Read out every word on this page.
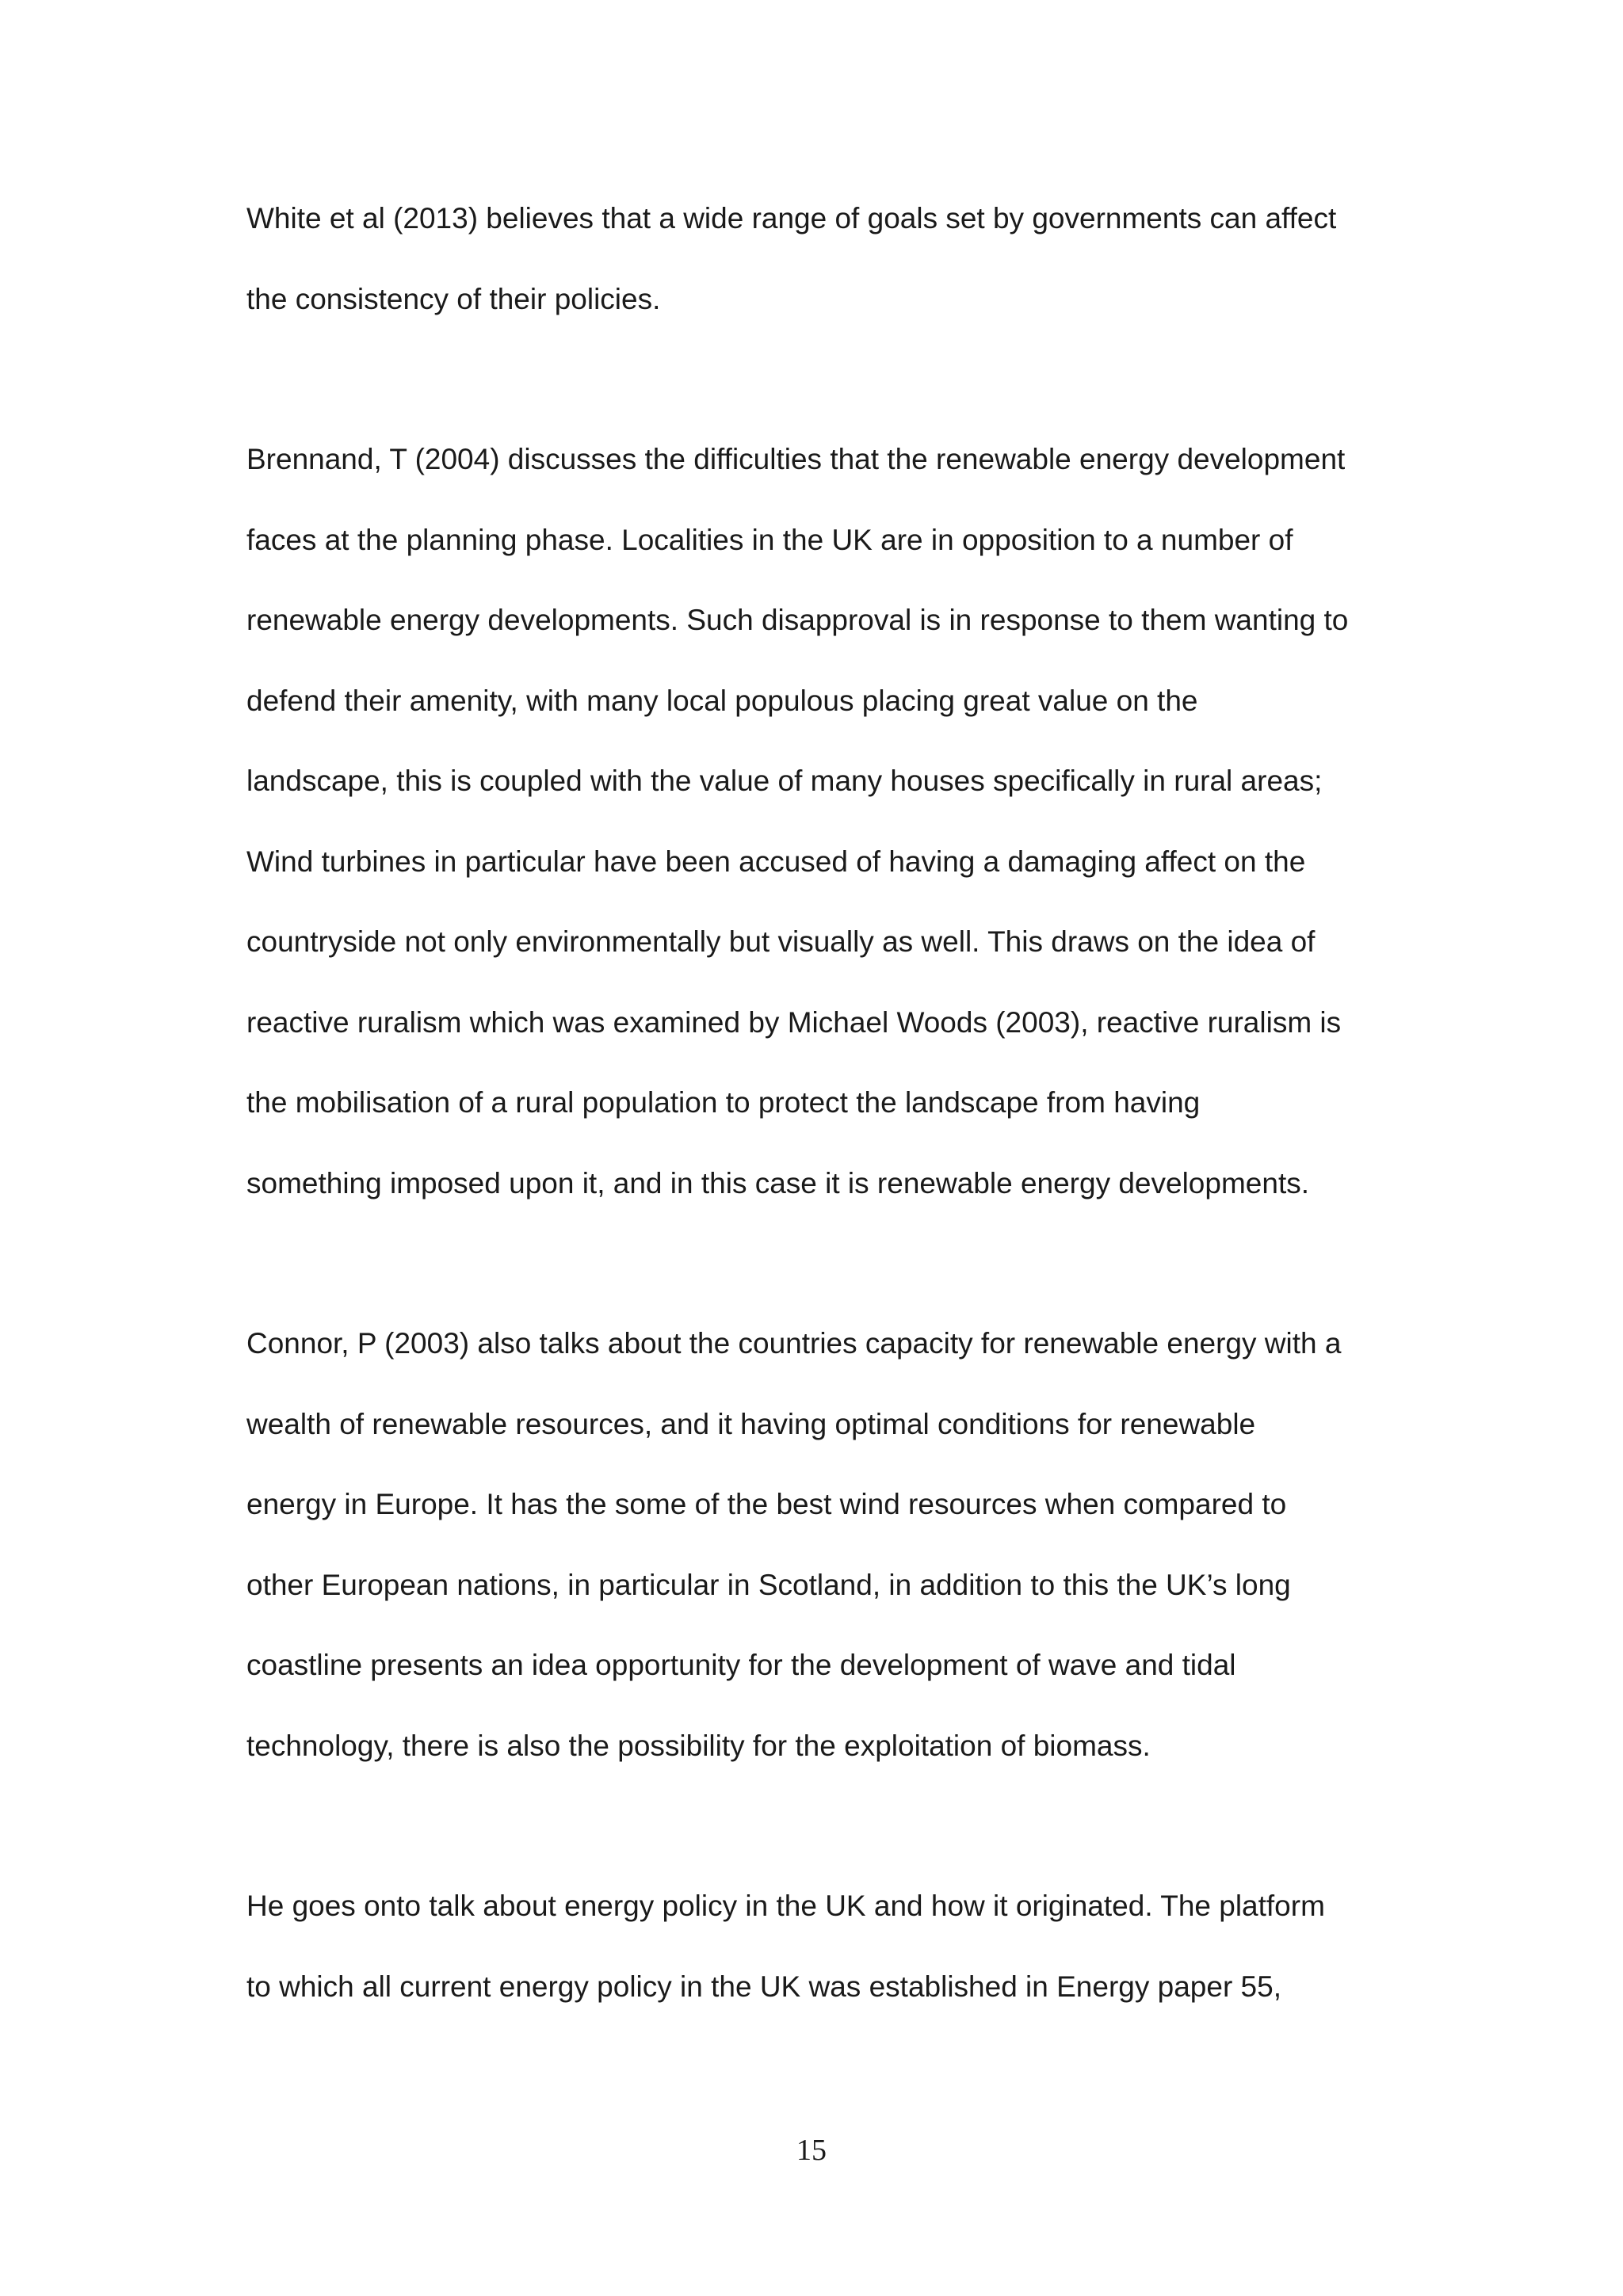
White et al (2013) believes that a wide range of goals set by governments can affect
the consistency of their policies.
Brennand, T (2004) discusses the difficulties that the renewable energy development
faces at the planning phase. Localities in the UK are in opposition to a number of
renewable energy developments. Such disapproval is in response to them wanting to
defend their amenity, with many local populous placing great value on the
landscape, this is coupled with the value of many houses specifically in rural areas;
Wind turbines in particular have been accused of having a damaging affect on the
countryside not only environmentally but visually as well. This draws on the idea of
reactive ruralism which was examined by Michael Woods (2003), reactive ruralism is
the mobilisation of a rural population to protect the landscape from having
something imposed upon it, and in this case it is renewable energy developments.
Connor, P (2003) also talks about the countries capacity for renewable energy with a
wealth of renewable resources, and it having optimal conditions for renewable
energy in Europe. It has the some of the best wind resources when compared to
other European nations, in particular in Scotland, in addition to this the UK’s long
coastline presents an idea opportunity for the development of wave and tidal
technology, there is also the possibility for the exploitation of biomass.
He goes onto talk about energy policy in the UK and how it originated. The platform
to which all current energy policy in the UK was established in Energy paper 55,
15
